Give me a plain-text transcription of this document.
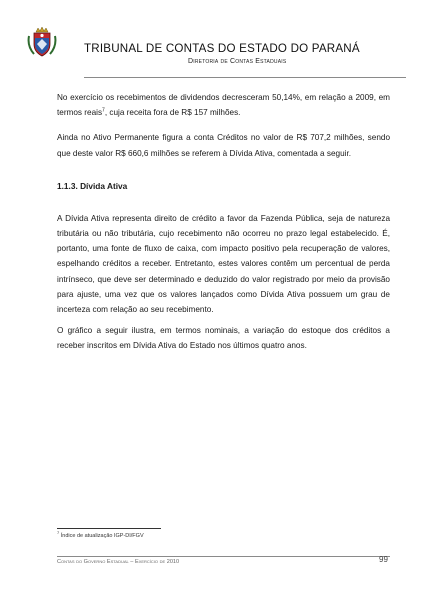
TRIBUNAL DE CONTAS DO ESTADO DO PARANÁ
Diretoria de Contas Estaduais

No exercício os recebimentos de dividendos decresceram 50,14%, em relação a 2009, em termos reais$^7$, cuja receita fora de R$ 157 milhões.

Ainda no Ativo Permanente figura a conta Créditos no valor de R$ 707,2 milhões, sendo que deste valor R$ 660,6 milhões se referem à Dívida Ativa, comentada a seguir.

1.1.3. Dívida Ativa

A Dívida Ativa representa direito de crédito a favor da Fazenda Pública, seja de natureza tributária ou não tributária, cujo recebimento não ocorreu no prazo legal estabelecido. É, portanto, uma fonte de fluxo de caixa, com impacto positivo pela recuperação de valores, espelhando créditos a receber. Entretanto, estes valores contêm um percentual de perda intrínseco, que deve ser determinado e deduzido do valor registrado por meio da provisão para ajuste, uma vez que os valores lançados como Dívida Ativa possuem um grau de incerteza com relação ao seu recebimento.

O gráfico a seguir ilustra, em termos nominais, a variação do estoque dos créditos a receber inscritos em Dívida Ativa do Estado nos últimos quatro anos.

$^7$ Índice de atualização IGP-DI/FGV
Contas do Governo Estadual – Exercício de 2010	99
